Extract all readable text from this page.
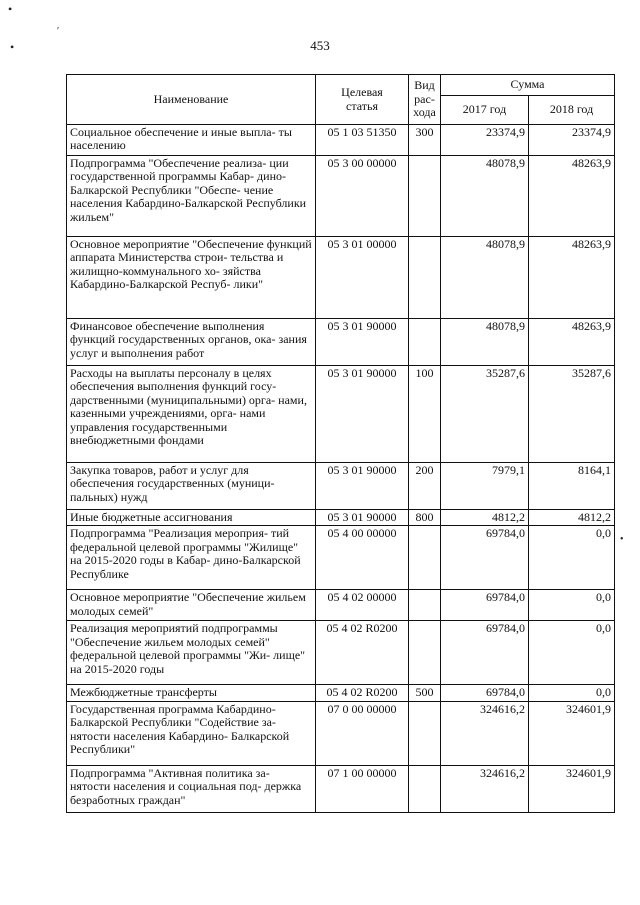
•
•
′
•
453
Наименование	Целевая статья	Вид рас- хода	Сумма	
			2017 год	2018 год
Социальное обеспечение и иные выпла- ты населению	05 1 03 51350	300	23374,9	23374,9
Подпрограмма "Обеспечение реализа- ции государственной программы Кабар- дино-Балкарской Республики "Обеспе- чение населения Кабардино-Балкарской Республики жильем"	05 3 00 00000		48078,9	48263,9
Основное мероприятие "Обеспечение функций аппарата Министерства строи- тельства и жилищно-коммунального хо- зяйства Кабардино-Балкарской Респуб- лики"	05 3 01 00000		48078,9	48263,9
Финансовое обеспечение выполнения функций государственных органов, ока- зания услуг и выполнения работ	05 3 01 90000		48078,9	48263,9
Расходы на выплаты персоналу в целях обеспечения выполнения функций госу- дарственными (муниципальными) орга- нами, казенными учреждениями, орга- нами управления государственными внебюджетными фондами	05 3 01 90000	100	35287,6	35287,6
Закупка товаров, работ и услуг для обеспечения государственных (муници- пальных) нужд	05 3 01 90000	200	7979,1	8164,1
Иные бюджетные ассигнования	05 3 01 90000	800	4812,2	4812,2
Подпрограмма "Реализация мероприя- тий федеральной целевой программы "Жилище" на 2015-2020 годы в Кабар- дино-Балкарской Республике	05 4 00 00000		69784,0	0,0
Основное мероприятие "Обеспечение жильем молодых семей"	05 4 02 00000		69784,0	0,0
Реализация мероприятий подпрограммы "Обеспечение жильем молодых семей" федеральной целевой программы "Жи- лище" на 2015-2020 годы	05 4 02 R0200		69784,0	0,0
Межбюджетные трансферты	05 4 02 R0200	500	69784,0	0,0
Государственная программа Кабардино- Балкарской Республики "Содействие за- нятости населения Кабардино- Балкарской Республики"	07 0 00 00000		324616,2	324601,9
Подпрограмма "Активная политика за- нятости населения и социальная под- держка безработных граждан"	07 1 00 00000		324616,2	324601,9
